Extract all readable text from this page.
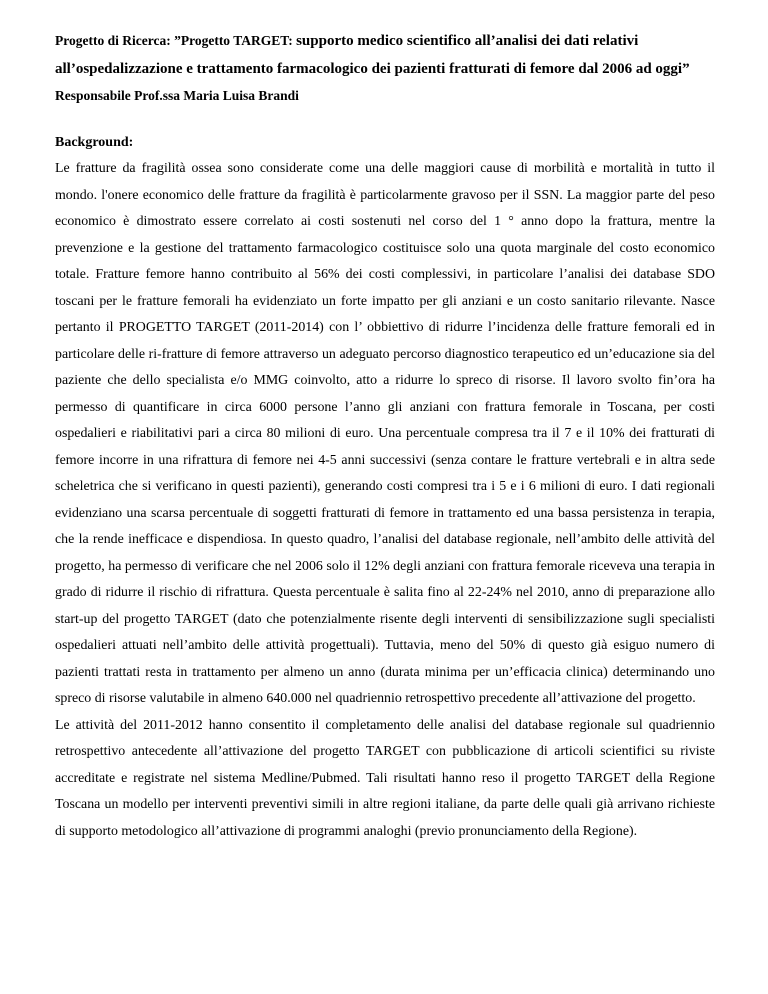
Progetto di Ricerca: ”Progetto TARGET: supporto medico scientifico all’analisi dei dati relativi all’ospedalizzazione e trattamento farmacologico dei pazienti fratturati di femore dal 2006 ad oggi”

Responsabile Prof.ssa Maria Luisa Brandi

Background:

Le fratture da fragilità ossea sono considerate come una delle maggiori cause di morbilità e mortalità in tutto il mondo. l'onere economico delle fratture da fragilità è particolarmente gravoso per il SSN. La maggior parte del peso economico è dimostrato essere correlato ai costi sostenuti nel corso del 1 ° anno dopo la frattura, mentre la prevenzione e la gestione del trattamento farmacologico costituisce solo una quota marginale del costo economico totale. Fratture femore hanno contribuito al 56% dei costi complessivi, in particolare l’analisi dei database SDO toscani per le fratture femorali ha evidenziato un forte impatto per gli anziani e un costo sanitario rilevante. Nasce pertanto il PROGETTO TARGET (2011-2014) con l’ obbiettivo di ridurre l’incidenza delle fratture femorali ed in particolare delle ri-fratture di femore attraverso un adeguato percorso diagnostico terapeutico ed un’educazione sia del paziente che dello specialista e/o MMG coinvolto, atto a ridurre lo spreco di risorse. Il lavoro svolto fin’ora ha permesso di quantificare in circa 6000 persone l’anno gli anziani con frattura femorale in Toscana, per costi ospedalieri e riabilitativi pari a circa 80 milioni di euro. Una percentuale compresa tra il 7 e il 10% dei fratturati di femore incorre in una rifrattura di femore nei 4-5 anni successivi (senza contare le fratture vertebrali e in altra sede scheletrica che si verificano in questi pazienti), generando costi compresi tra i 5 e i 6 milioni di euro. I dati regionali evidenziano una scarsa percentuale di soggetti fratturati di femore in trattamento ed una bassa persistenza in terapia, che la rende inefficace e dispendiosa. In questo quadro, l’analisi del database regionale, nell’ambito delle attività del progetto, ha permesso di verificare che nel 2006 solo il 12% degli anziani con frattura femorale riceveva una terapia in grado di ridurre il rischio di rifrattura. Questa percentuale è salita fino al 22-24% nel 2010, anno di preparazione allo start-up del progetto TARGET (dato che potenzialmente risente degli interventi di sensibilizzazione sugli specialisti ospedalieri attuati nell’ambito delle attività progettuali). Tuttavia, meno del 50% di questo già esiguo numero di pazienti trattati resta in trattamento per almeno un anno (durata minima per un’efficacia clinica) determinando uno spreco di risorse valutabile in almeno 640.000 nel quadriennio retrospettivo precedente all’attivazione del progetto.

Le attività del 2011-2012 hanno consentito il completamento delle analisi del database regionale sul quadriennio retrospettivo antecedente all’attivazione del progetto TARGET con pubblicazione di articoli scientifici su riviste accreditate e registrate nel sistema Medline/Pubmed. Tali risultati hanno reso il progetto TARGET della Regione Toscana un modello per interventi preventivi simili in altre regioni italiane, da parte delle quali già arrivano richieste di supporto metodologico all’attivazione di programmi analoghi (previo pronunciamento della Regione).
